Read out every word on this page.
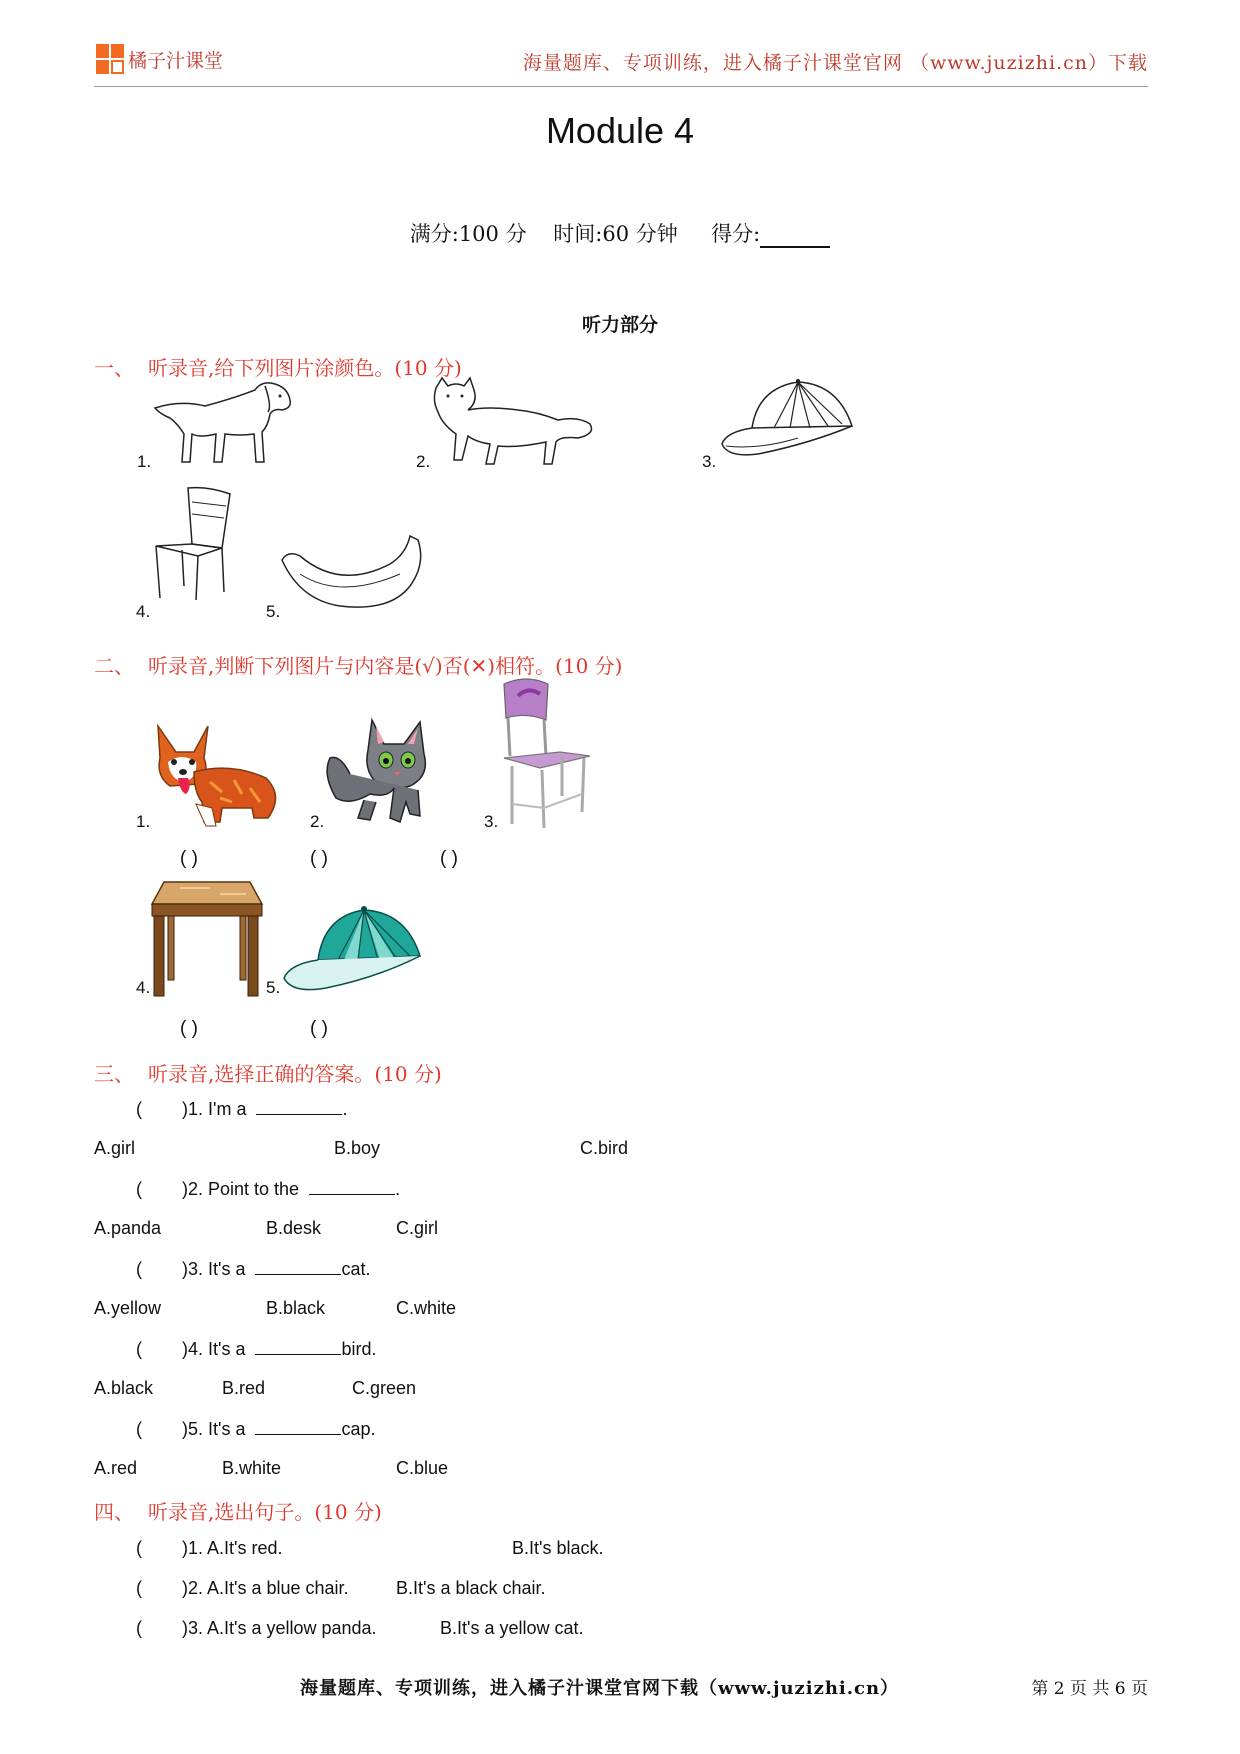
橘子汁课堂	海量题库、专项训练，进入橘子汁课堂官网 （www.juzizhi.cn）下载
Module 4
满分:100 分 时间:60 分钟 得分:
听力部分
一、 听录音,给下列图片涂颜色。(10 分)
1.	2.	3.
4.	5.
二、 听录音,判断下列图片与内容是(√)否(✕)相符。(10 分)
1.	2.	3.
( )	( )	( )
4.	5.
( )	( )
三、 听录音,选择正确的答案。(10 分)
( )1. I'm a	.
A.girl	B.boy	C.bird
( )2. Point to the	.
A.panda	B.desk	C.girl
( )3. It's a	cat.
A.yellow	B.black	C.white
( )4. It's a	bird.
A.black	B.red	C.green
( )5. It's a	cap.
A.red	B.white	C.blue
四、 听录音,选出句子。(10 分)
( )1. A.It's red.	B.It's black.
( )2. A.It's a blue chair.	B.It's a black chair.
( )3. A.It's a yellow panda.	B.It's a yellow cat.
海量题库、专项训练，进入橘子汁课堂官网下载（www.juzizhi.cn）	第 2 页 共 6 页
